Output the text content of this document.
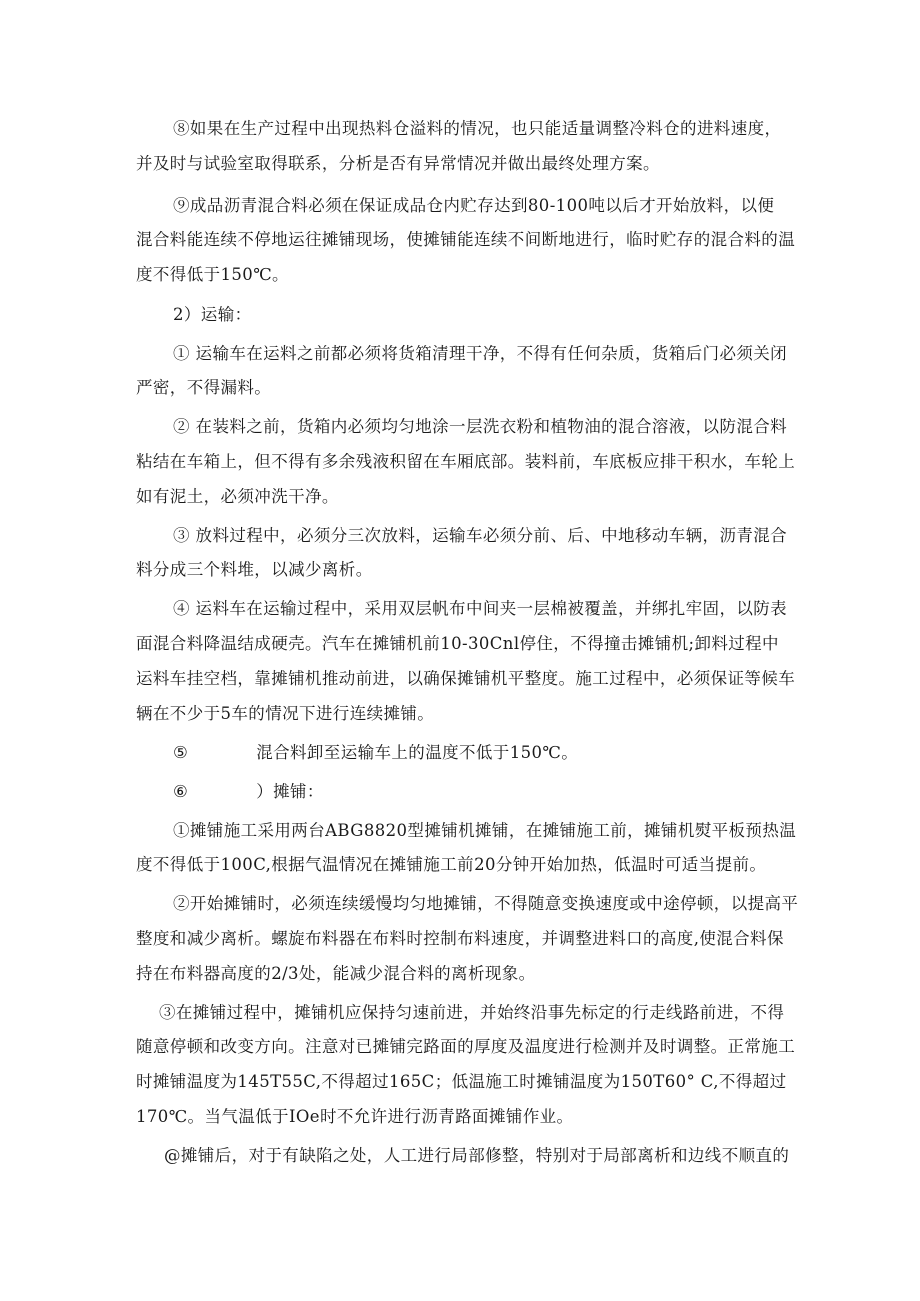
⑧如果在生产过程中出现热料仓溢料的情况，也只能适量调整冷料仓的进料速度，
并及时与试验室取得联系，分析是否有异常情况并做出最终处理方案。
⑨成品沥青混合料必须在保证成品仓内贮存达到80-100吨以后才开始放料，以便
混合料能连续不停地运往摊铺现场，使摊铺能连续不间断地进行，临时贮存的混合料的温
度不得低于150℃。
2）运输：
① 运输车在运料之前都必须将货箱清理干净，不得有任何杂质，货箱后门必须关闭
严密，不得漏料。
② 在装料之前，货箱内必须均匀地涂一层洗衣粉和植物油的混合溶液，以防混合料
粘结在车箱上，但不得有多余残液积留在车厢底部。装料前，车底板应排干积水，车轮上
如有泥土，必须冲洗干净。
③ 放料过程中，必须分三次放料，运输车必须分前、后、中地移动车辆，沥青混合
料分成三个料堆，以减少离析。
④ 运料车在运输过程中，采用双层帆布中间夹一层棉被覆盖，并绑扎牢固，以防表
面混合料降温结成硬壳。汽车在摊铺机前10-30Cnl停住，不得撞击摊铺机;卸料过程中
运料车挂空档，靠摊铺机推动前进，以确保摊铺机平整度。施工过程中，必须保证等候车
辆在不少于5车的情况下进行连续摊铺。
⑤	混合料卸至运输车上的温度不低于150℃。
⑥	）摊铺：
①摊铺施工采用两台ABG8820型摊铺机摊铺，在摊铺施工前，摊铺机熨平板预热温
度不得低于100C,根据气温情况在摊铺施工前20分钟开始加热，低温时可适当提前。
②开始摊铺时，必须连续缓慢均匀地摊铺，不得随意变换速度或中途停顿，以提高平
整度和减少离析。螺旋布料器在布料时控制布料速度，并调整进料口的高度,使混合料保
持在布料器高度的2/3处，能减少混合料的离析现象。
③在摊铺过程中，摊铺机应保持匀速前进，并始终沿事先标定的行走线路前进，不得
随意停顿和改变方向。注意对已摊铺完路面的厚度及温度进行检测并及时调整。正常施工
时摊铺温度为145T55C,不得超过165C；低温施工时摊铺温度为150T60° C,不得超过
170℃。当气温低于IOe时不允许进行沥青路面摊铺作业。
@摊铺后，对于有缺陷之处，人工进行局部修整，特别对于局部离析和边线不顺直的
